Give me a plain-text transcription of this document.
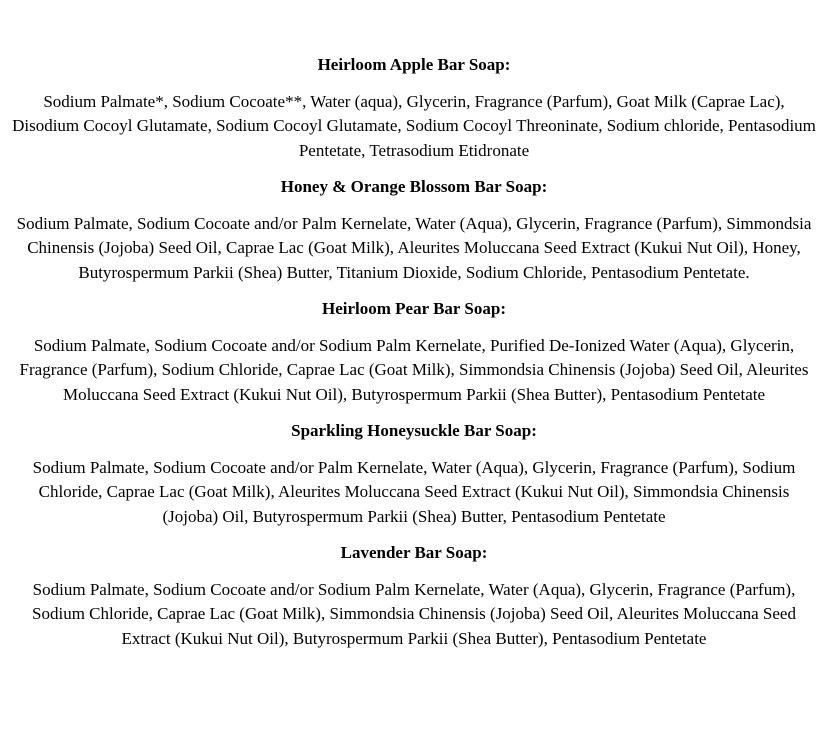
Heirloom Apple Bar Soap:

Sodium Palmate*, Sodium Cocoate**, Water (aqua), Glycerin, Fragrance (Parfum), Goat Milk (Caprae Lac), Disodium Cocoyl Glutamate, Sodium Cocoyl Glutamate, Sodium Cocoyl Threoninate, Sodium chloride, Pentasodium Pentetate, Tetrasodium Etidronate

Honey & Orange Blossom Bar Soap:

Sodium Palmate, Sodium Cocoate and/or Palm Kernelate, Water (Aqua), Glycerin, Fragrance (Parfum), Simmondsia Chinensis (Jojoba) Seed Oil, Caprae Lac (Goat Milk), Aleurites Moluccana Seed Extract (Kukui Nut Oil), Honey, Butyrospermum Parkii (Shea) Butter, Titanium Dioxide, Sodium Chloride, Pentasodium Pentetate.

Heirloom Pear Bar Soap:

Sodium Palmate, Sodium Cocoate and/or Sodium Palm Kernelate, Purified De-Ionized Water (Aqua), Glycerin, Fragrance (Parfum), Sodium Chloride, Caprae Lac (Goat Milk), Simmondsia Chinensis (Jojoba) Seed Oil, Aleurites Moluccana Seed Extract (Kukui Nut Oil), Butyrospermum Parkii (Shea Butter), Pentasodium Pentetate

Sparkling Honeysuckle Bar Soap:

Sodium Palmate, Sodium Cocoate and/or Palm Kernelate, Water (Aqua), Glycerin, Fragrance (Parfum), Sodium Chloride, Caprae Lac (Goat Milk), Aleurites Moluccana Seed Extract (Kukui Nut Oil), Simmondsia Chinensis (Jojoba) Oil, Butyrospermum Parkii (Shea) Butter, Pentasodium Pentetate

Lavender Bar Soap:

Sodium Palmate, Sodium Cocoate and/or Sodium Palm Kernelate, Water (Aqua), Glycerin, Fragrance (Parfum), Sodium Chloride, Caprae Lac (Goat Milk), Simmondsia Chinensis (Jojoba) Seed Oil, Aleurites Moluccana Seed Extract (Kukui Nut Oil), Butyrospermum Parkii (Shea Butter), Pentasodium Pentetate
